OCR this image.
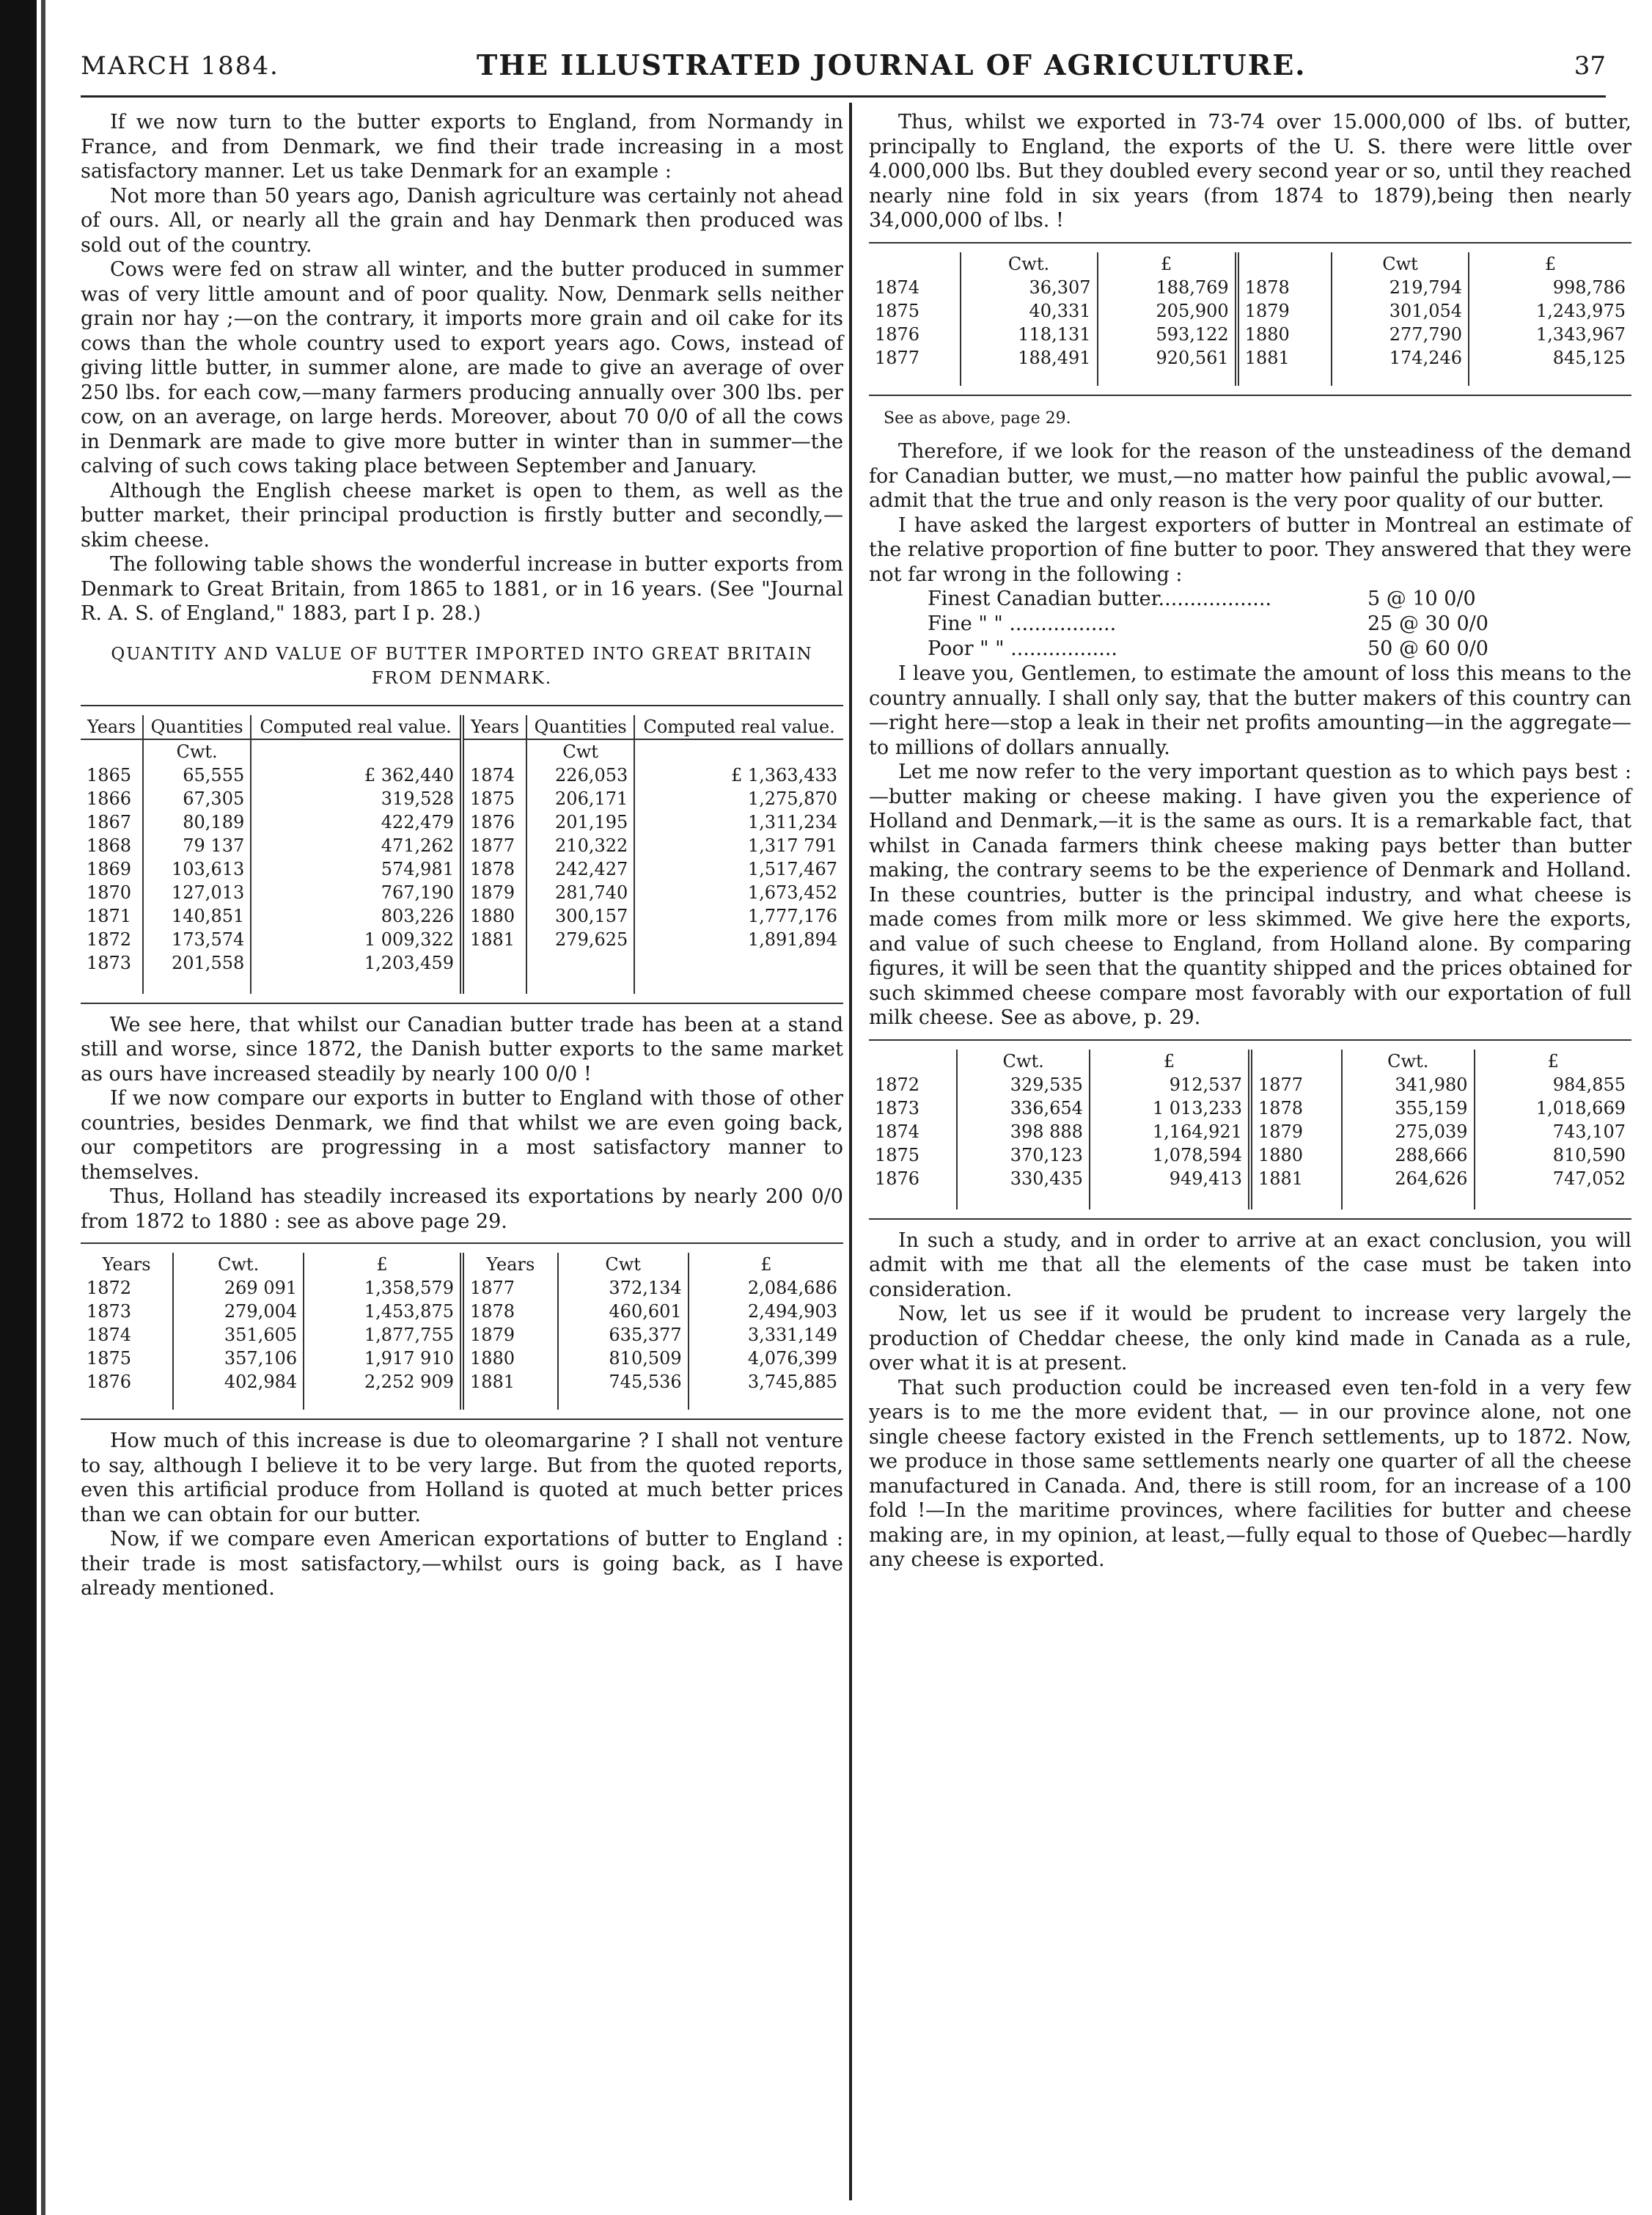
MARCH 1884.	THE ILLUSTRATED JOURNAL OF AGRICULTURE.	37

If we now turn to the butter exports to England, from Normandy in France, and from Denmark, we find their trade increasing in a most satisfactory manner. Let us take Denmark for an example :

Not more than 50 years ago, Danish agriculture was certainly not ahead of ours. All, or nearly all the grain and hay Denmark then produced was sold out of the country.

Cows were fed on straw all winter, and the butter produced in summer was of very little amount and of poor quality. Now, Denmark sells neither grain nor hay ;—on the contrary, it imports more grain and oil cake for its cows than the whole country used to export years ago. Cows, instead of giving little butter, in summer alone, are made to give an average of over 250 lbs. for each cow,—many farmers producing annually over 300 lbs. per cow, on an average, on large herds. Moreover, about 70 0/0 of all the cows in Denmark are made to give more butter in winter than in summer—the calving of such cows taking place between September and January.

Although the English cheese market is open to them, as well as the butter market, their principal production is firstly butter and secondly,—skim cheese.

The following table shows the wonderful increase in butter exports from Denmark to Great Britain, from 1865 to 1881, or in 16 years. (See "Journal R. A. S. of England," 1883, part I p. 28.)

QUANTITY AND VALUE OF BUTTER IMPORTED INTO GREAT BRITAIN FROM DENMARK.

Years	Quantities	Computed real value.	Years	Quantities	Computed real value.
	Cwt.			Cwt	
1865	65,555	£ 362,440	1874	226,053	£ 1,363,433
1866	67,305	319,528	1875	206,171	1,275,870
1867	80,189	422,479	1876	201,195	1,311,234
1868	79 137	471,262	1877	210,322	1,317 791
1869	103,613	574,981	1878	242,427	1,517,467
1870	127,013	767,190	1879	281,740	1,673,452
1871	140,851	803,226	1880	300,157	1,777,176
1872	173,574	1 009,322	1881	279,625	1,891,894
1873	201,558	1,203,459			

We see here, that whilst our Canadian butter trade has been at a stand still and worse, since 1872, the Danish butter exports to the same market as ours have increased steadily by nearly 100 0/0 !

If we now compare our exports in butter to England with those of other countries, besides Denmark, we find that whilst we are even going back, our competitors are progressing in a most satisfactory manner to themselves.

Thus, Holland has steadily increased its exportations by nearly 200 0/0 from 1872 to 1880 : see as above page 29.

Years	Cwt.	£	Years	Cwt	£
1872	269 091	1,358,579	1877	372,134	2,084,686
1873	279,004	1,453,875	1878	460,601	2,494,903
1874	351,605	1,877,755	1879	635,377	3,331,149
1875	357,106	1,917 910	1880	810,509	4,076,399
1876	402,984	2,252 909	1881	745,536	3,745,885

How much of this increase is due to oleomargarine ? I shall not venture to say, although I believe it to be very large. But from the quoted reports, even this artificial produce from Holland is quoted at much better prices than we can obtain for our butter.

Now, if we compare even American exportations of butter to England : their trade is most satisfactory,—whilst ours is going back, as I have already mentioned.

Thus, whilst we exported in 73-74 over 15.000,000 of lbs. of butter, principally to England, the exports of the U. S. there were little over 4.000,000 lbs. But they doubled every second year or so, until they reached nearly nine fold in six years (from 1874 to 1879),being then nearly 34,000,000 of lbs. !

	Cwt.	£		Cwt	£
1874	36,307	188,769	1878	219,794	998,786
1875	40,331	205,900	1879	301,054	1,243,975
1876	118,131	593,122	1880	277,790	1,343,967
1877	188,491	920,561	1881	174,246	845,125

See as above, page 29.

Therefore, if we look for the reason of the unsteadiness of the demand for Canadian butter, we must,—no matter how painful the public avowal,—admit that the true and only reason is the very poor quality of our butter.

I have asked the largest exporters of butter in Montreal an estimate of the relative proportion of fine butter to poor. They answered that they were not far wrong in the following :

Finest Canadian butter..................	5 @ 10 0/0
Fine " " .................	25 @ 30 0/0
Poor " " .................	50 @ 60 0/0

I leave you, Gentlemen, to estimate the amount of loss this means to the country annually. I shall only say, that the butter makers of this country can—right here—stop a leak in their net profits amounting—in the aggregate—to millions of dollars annually.

Let me now refer to the very important question as to which pays best :—butter making or cheese making. I have given you the experience of Holland and Denmark,—it is the same as ours. It is a remarkable fact, that whilst in Canada farmers think cheese making pays better than butter making, the contrary seems to be the experience of Denmark and Holland. In these countries, butter is the principal industry, and what cheese is made comes from milk more or less skimmed. We give here the exports, and value of such cheese to England, from Holland alone. By comparing figures, it will be seen that the quantity shipped and the prices obtained for such skimmed cheese compare most favorably with our exportation of full milk cheese. See as above, p. 29.

	Cwt.	£		Cwt.	£
1872	329,535	912,537	1877	341,980	984,855
1873	336,654	1 013,233	1878	355,159	1,018,669
1874	398 888	1,164,921	1879	275,039	743,107
1875	370,123	1,078,594	1880	288,666	810,590
1876	330,435	949,413	1881	264,626	747,052

In such a study, and in order to arrive at an exact conclusion, you will admit with me that all the elements of the case must be taken into consideration.

Now, let us see if it would be prudent to increase very largely the production of Cheddar cheese, the only kind made in Canada as a rule, over what it is at present.

That such production could be increased even ten-fold in a very few years is to me the more evident that, — in our province alone, not one single cheese factory existed in the French settlements, up to 1872. Now, we produce in those same settlements nearly one quarter of all the cheese manufactured in Canada. And, there is still room, for an increase of a 100 fold !—In the maritime provinces, where facilities for butter and cheese making are, in my opinion, at least,—fully equal to those of Quebec—hardly any cheese is exported.
